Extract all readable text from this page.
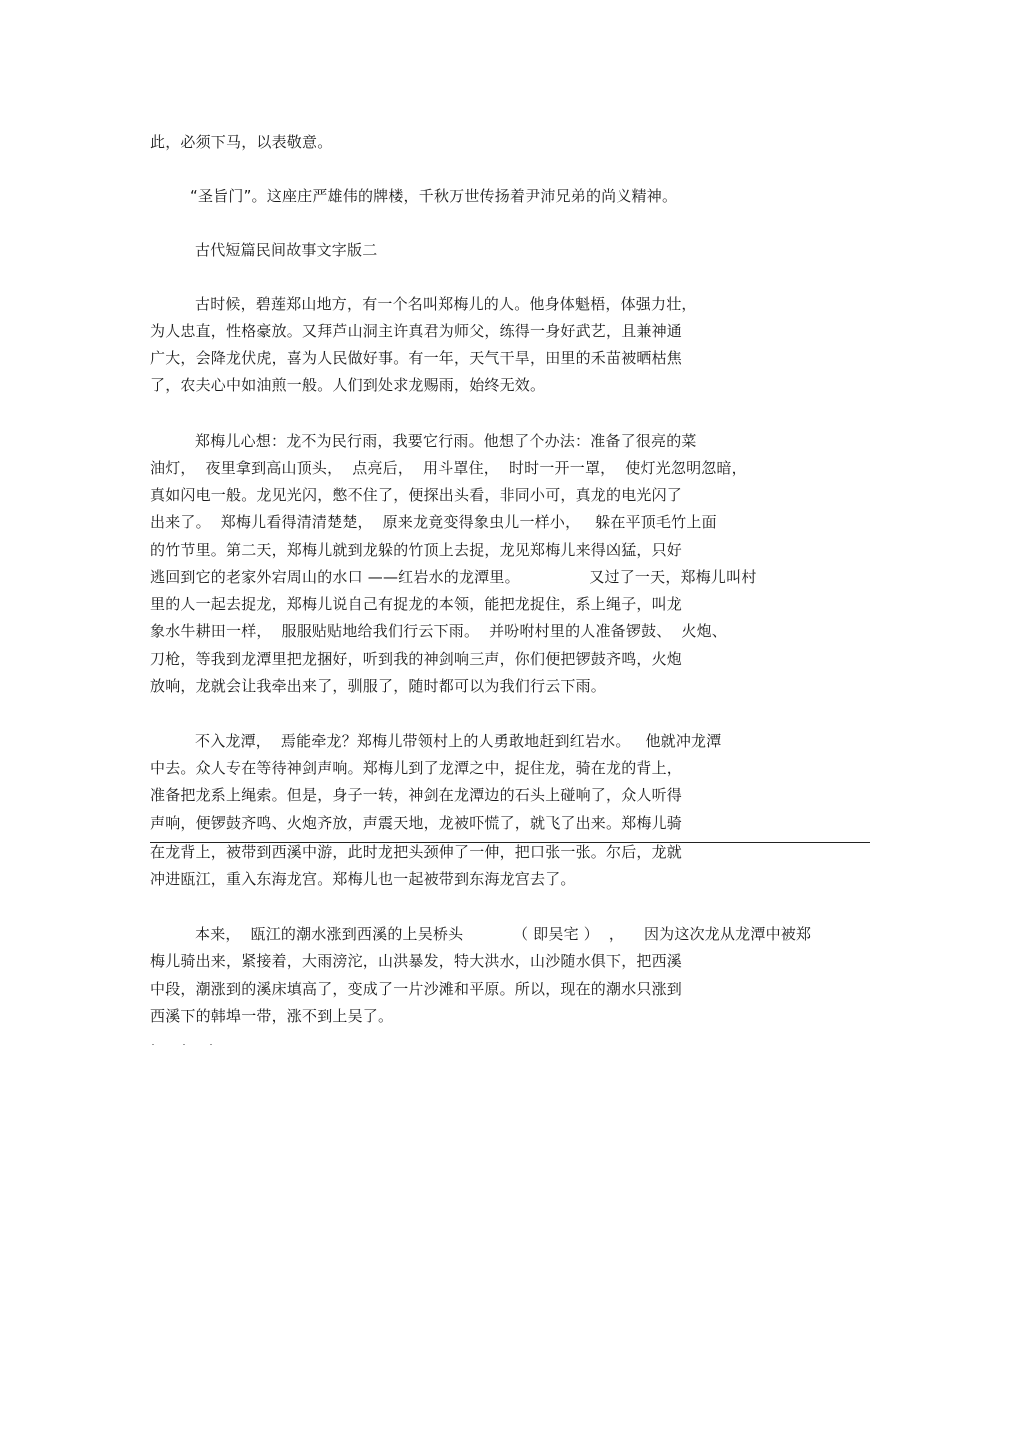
此，必须下马，以表敬意。
“圣旨门”。这座庄严雄伟的牌楼，千秋万世传扬着尹沛兄弟的尚义精神。
古代短篇民间故事文字版二
古时候，碧莲郑山地方，有一个名叫郑梅儿的人。他身体魁梧，体强力壮，
为人忠直，性格豪放。又拜芦山洞主许真君为师父，练得一身好武艺，且兼神通
广大，会降龙伏虎，喜为人民做好事。有一年，天气干旱，田里的禾苗被晒枯焦
了，农夫心中如油煎一般。人们到处求龙赐雨，始终无效。
郑梅儿心想：龙不为民行雨，我要它行雨。他想了个办法：准备了很亮的菜
油灯，  夜里拿到高山顶头，  点亮后，  用斗罩住，  时时一开一罩，  使灯光忽明忽暗，
真如闪电一般。龙见光闪，憋不住了，便探出头看，非同小可，真龙的电光闪了
出来了。  郑梅儿看得清清楚楚，  原来龙竟变得象虫儿一样小，   躲在平顶毛竹上面
的竹节里。第二天，郑梅儿就到龙躲的竹顶上去捉，龙见郑梅儿来得凶猛，只好
逃回到它的老家外宕周山的水口 ——红岩水的龙潭里。              又过了一天，郑梅儿叫村
里的人一起去捉龙，郑梅儿说自己有捉龙的本领，能把龙捉住，系上绳子，叫龙
象水牛耕田一样，  服服贴贴地给我们行云下雨。  并吩咐村里的人准备锣鼓、  火炮、
刀枪，等我到龙潭里把龙捆好，听到我的神剑响三声，你们便把锣鼓齐鸣，火炮
放响，龙就会让我牵出来了，驯服了，随时都可以为我们行云下雨。
不入龙潭，  焉能牵龙？郑梅儿带领村上的人勇敢地赶到红岩水。   他就冲龙潭
中去。众人专在等待神剑声响。郑梅儿到了龙潭之中，捉住龙，骑在龙的背上，
准备把龙系上绳索。但是，身子一转，神剑在龙潭边的石头上碰响了，众人听得
声响，便锣鼓齐鸣、火炮齐放，声震天地，龙被吓慌了，就飞了出来。郑梅儿骑
在龙背上，被带到西溪中游，此时龙把头颈伸了一伸，把口张一张。尔后，龙就
冲进瓯江，重入东海龙宫。郑梅儿也一起被带到东海龙宫去了。
本来，  瓯江的潮水涨到西溪的上吴桥头          （ 即吴宅 ）  ，    因为这次龙从龙潭中被郑
梅儿骑出来，紧接着，大雨滂沱，山洪暴发，特大洪水，山沙随水俱下，把西溪
中段，潮涨到的溪床填高了，变成了一片沙滩和平原。所以，现在的潮水只涨到
西溪下的韩埠一带，涨不到上吴了。
